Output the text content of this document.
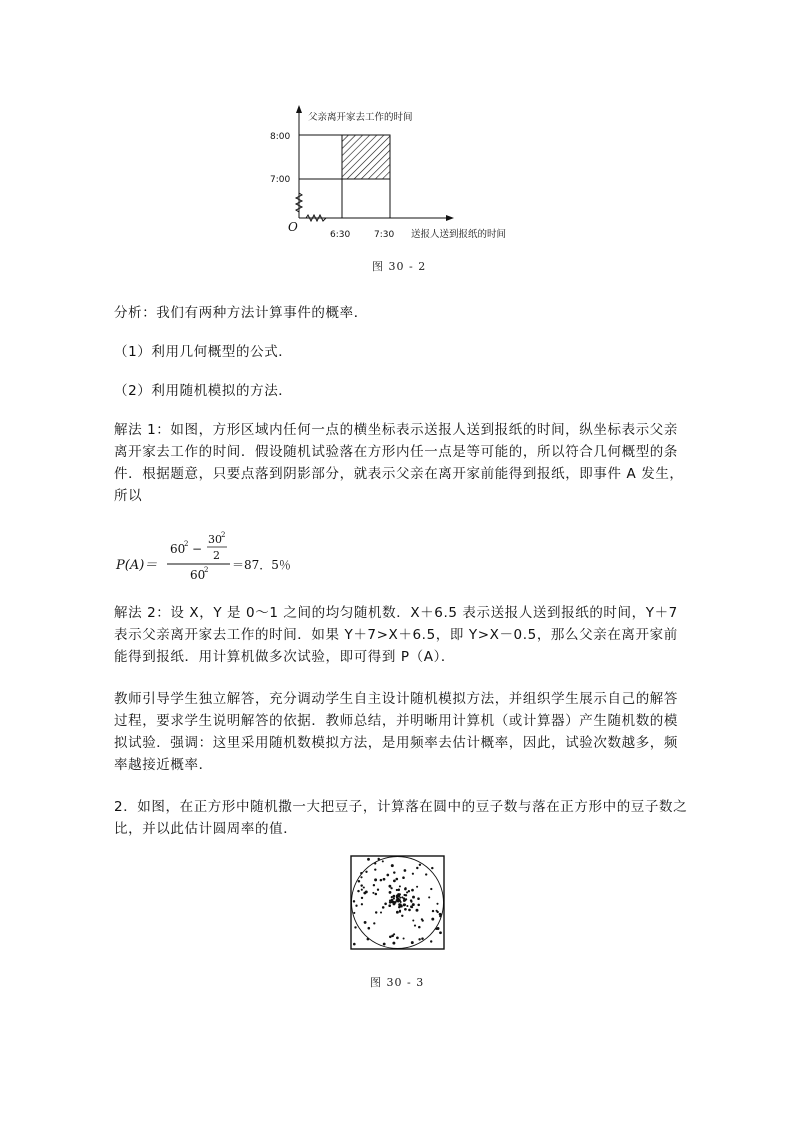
父亲离开家去工作的时间
8:00
7:00
O
6:30	7:30 送报人送到报纸的时间
图 30 - 2
分析：我们有两种方法计算事件的概率．
（1）利用几何概型的公式．
（2）利用随机模拟的方法．
解法 1：如图，方形区域内任何一点的横坐标表示送报人送到报纸的时间，纵坐标表示父亲离开家去工作的时间．假设随机试验落在方形内任一点是等可能的，所以符合几何概型的条件．根据题意，只要点落到阴影部分，就表示父亲在离开家前能得到报纸，即事件 A 发生，所以
P(A)＝
60
2 −
30 2
2
60
2 ＝87．5％
解法 2：设 X，Y 是 0～1 之间的均匀随机数．X＋6.5 表示送报人送到报纸的时间，Y＋7 表示父亲离开家去工作的时间．如果 Y＋7>X＋6.5，即 Y>X－0.5，那么父亲在离开家前能得到报纸．用计算机做多次试验，即可得到 P（A）．
教师引导学生独立解答，充分调动学生自主设计随机模拟方法，并组织学生展示自己的解答过程，要求学生说明解答的依据．教师总结，并明晰用计算机（或计算器）产生随机数的模拟试验．强调：这里采用随机数模拟方法，是用频率去估计概率，因此，试验次数越多，频率越接近概率．
2．如图，在正方形中随机撒一大把豆子，计算落在圆中的豆子数与落在正方形中的豆子数之比，并以此估计圆周率的值．
图 30 - 3
